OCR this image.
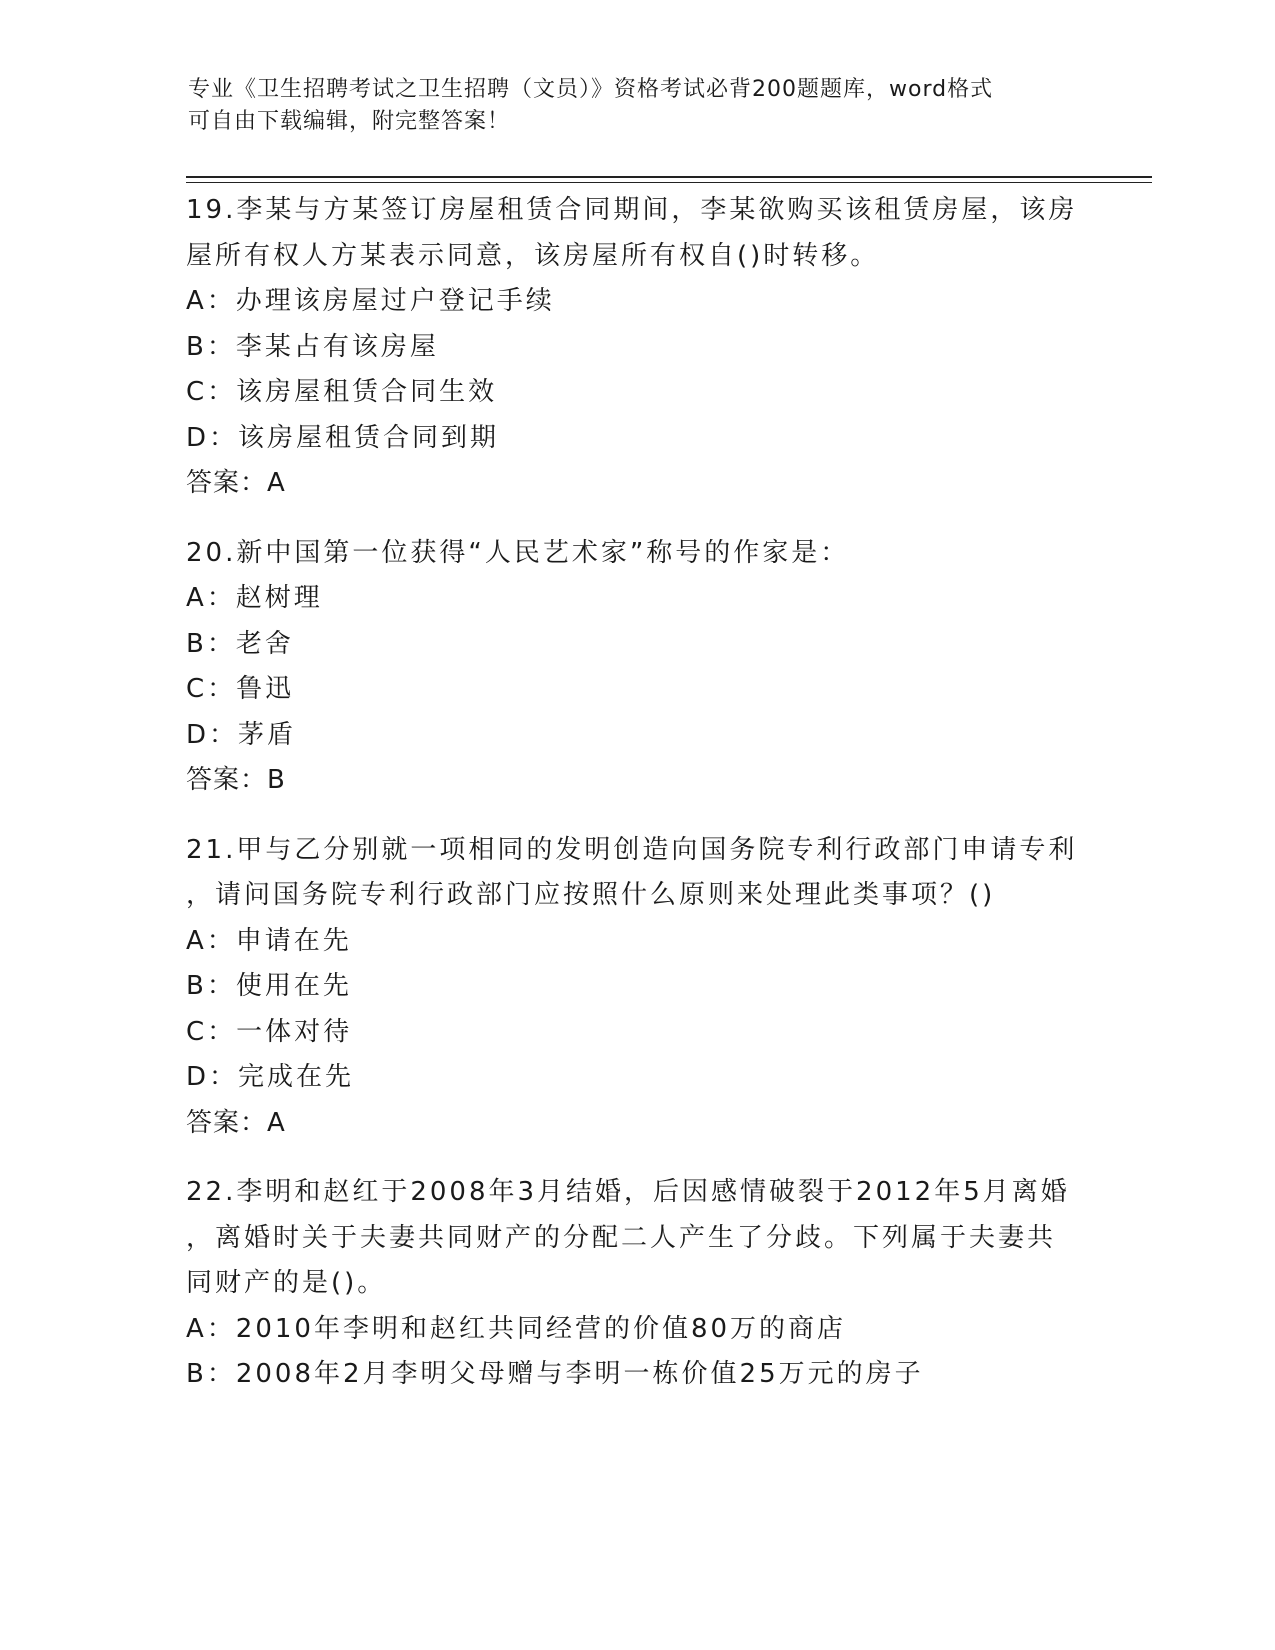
专业《卫生招聘考试之卫生招聘（文员）》资格考试必背200题题库，word格式
可自由下载编辑，附完整答案！
19.李某与方某签订房屋租赁合同期间，李某欲购买该租赁房屋，该房
屋所有权人方某表示同意，该房屋所有权自()时转移。
A：办理该房屋过户登记手续
B：李某占有该房屋
C：该房屋租赁合同生效
D：该房屋租赁合同到期
答案：A
20.新中国第一位获得“人民艺术家”称号的作家是：
A：赵树理
B：老舍
C：鲁迅
D：茅盾
答案：B
21.甲与乙分别就一项相同的发明创造向国务院专利行政部门申请专利
，请问国务院专利行政部门应按照什么原则来处理此类事项？()
A：申请在先
B：使用在先
C：一体对待
D：完成在先
答案：A
22.李明和赵红于2008年3月结婚，后因感情破裂于2012年5月离婚
，离婚时关于夫妻共同财产的分配二人产生了分歧。下列属于夫妻共
同财产的是()。
A：2010年李明和赵红共同经营的价值80万的商店
B：2008年2月李明父母赠与李明一栋价值25万元的房子
